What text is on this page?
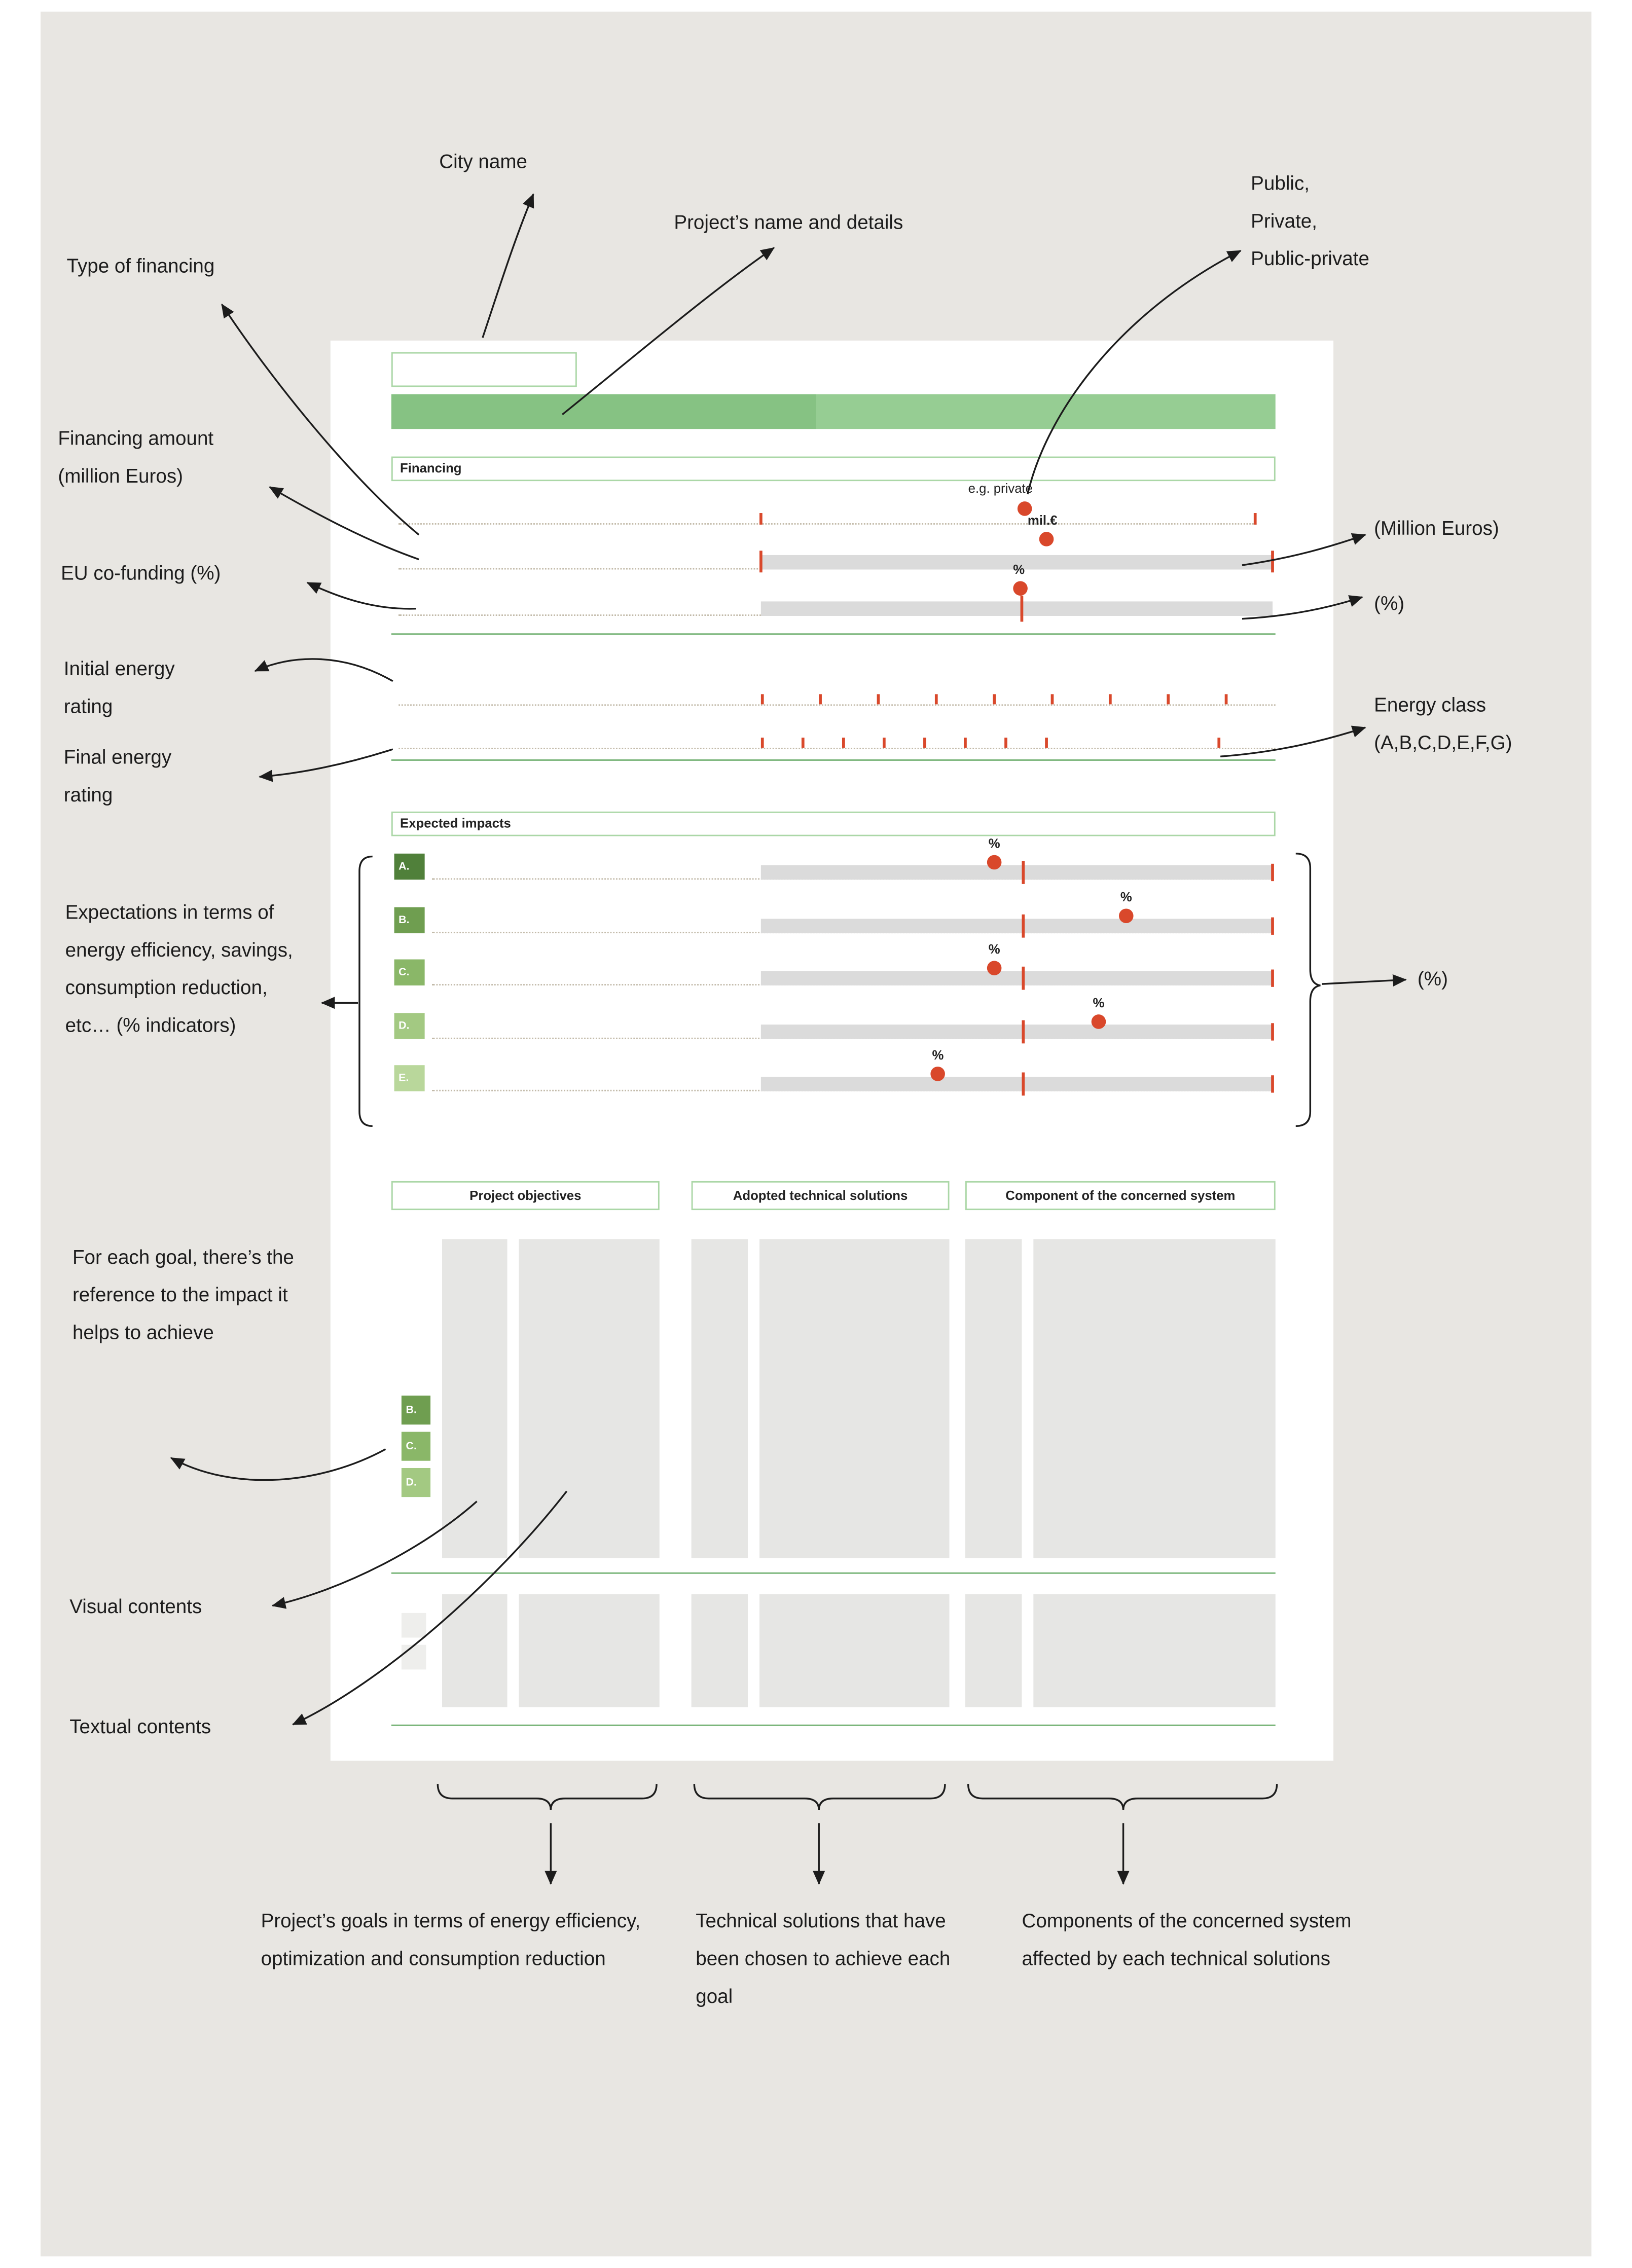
Financing
e.g. private
mil.€
%
Expected impacts
A.
%
B.
%
C.
%
D.
%
E.
%
Project objectives	Adopted technical solutions	Component of the concerned system
B.
C.
D.
City name
Project’s name and details
Public,
Private,
Public-private
Type of financing
Financing amount
(million Euros)
EU co-funding (%)
Initial energy
rating
Final energy
rating
(Million Euros)
(%)
Energy class
(A,B,C,D,E,F,G)
Expectations in terms of energy efficiency, savings, consumption reduction, etc… (% indicators)
(%)
For each goal, there’s the reference to the impact it helps to achieve
Visual contents
Textual contents
Project’s goals in terms of energy efficiency, optimization and consumption reduction
Technical solutions that have been chosen to achieve each goal
Components of the concerned system affected by each technical solutions
